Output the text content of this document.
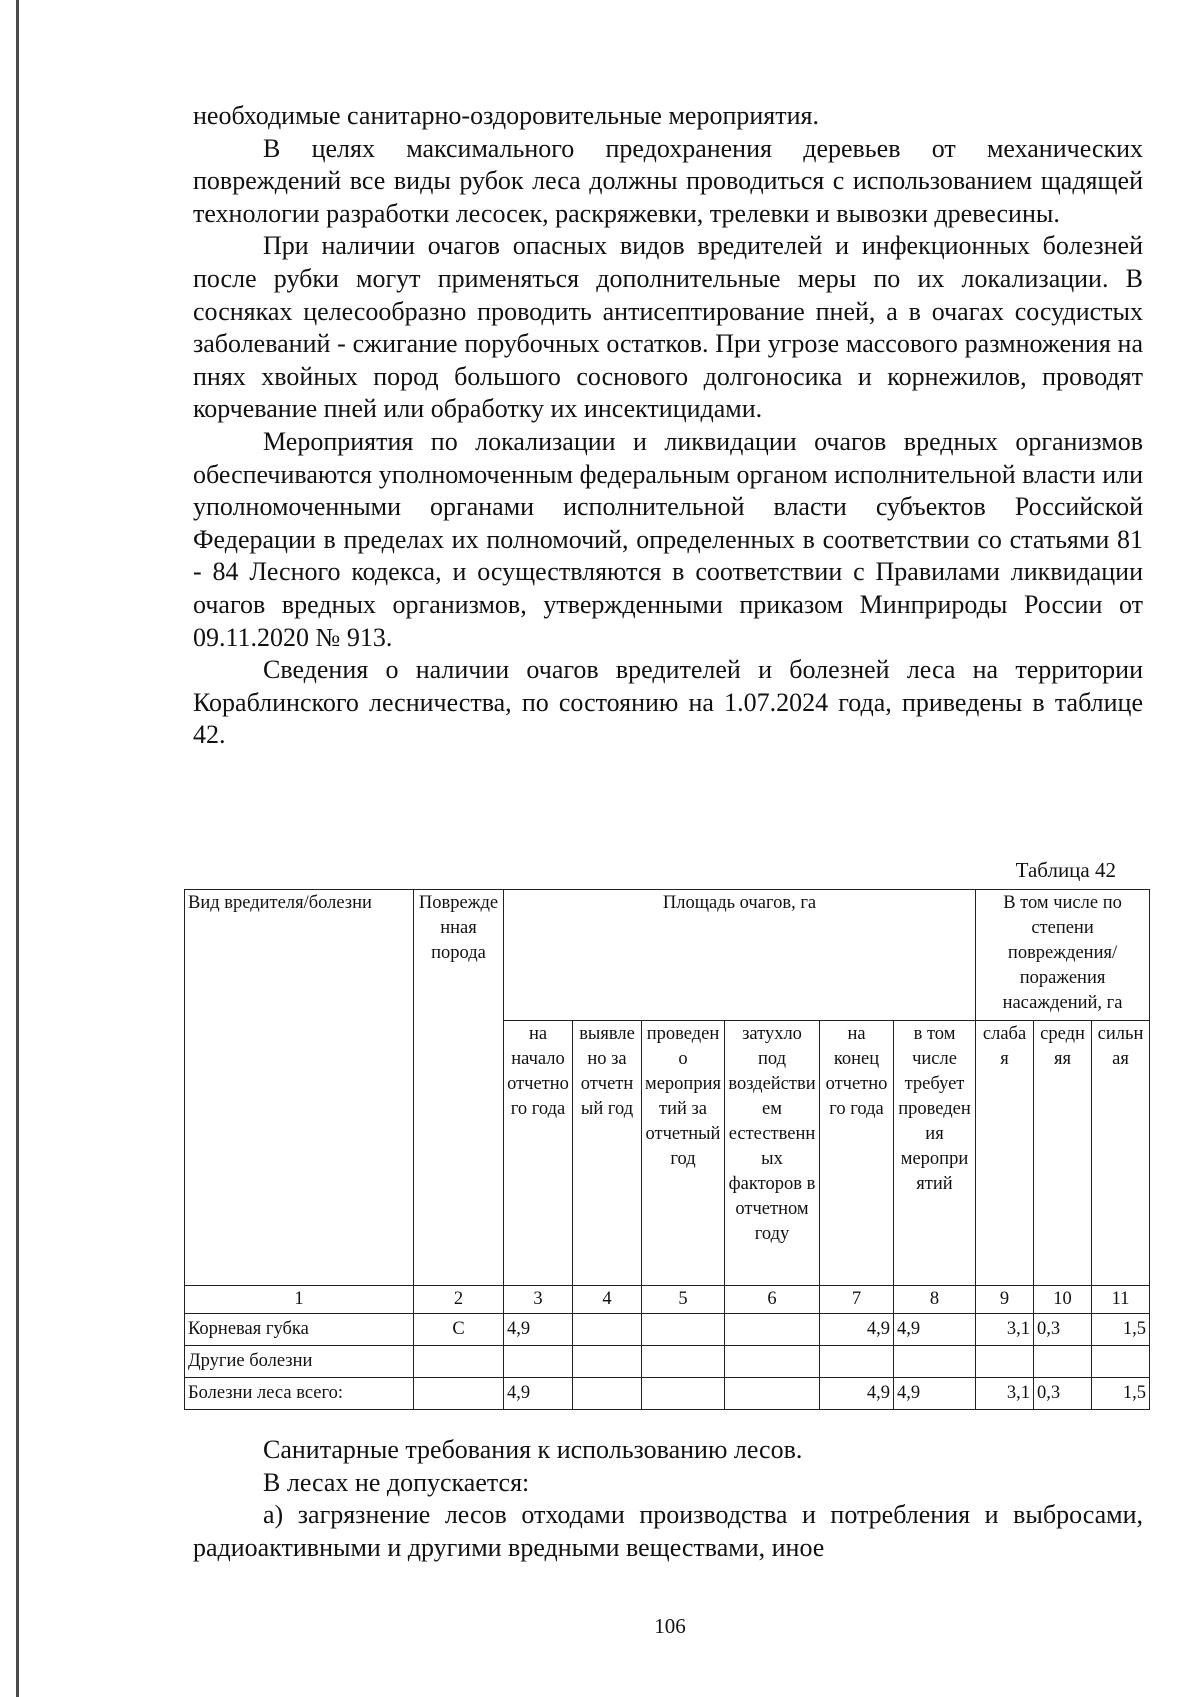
необходимые санитарно-оздоровительные мероприятия.

В целях максимального предохранения деревьев от механических повреждений все виды рубок леса должны проводиться с использованием щадящей технологии разработки лесосек, раскряжевки, трелевки и вывозки древесины.

При наличии очагов опасных видов вредителей и инфекционных болезней после рубки могут применяться дополнительные меры по их локализации. В сосняках целесообразно проводить антисептирование пней, а в очагах сосудистых заболеваний - сжигание порубочных остатков. При угрозе массового размножения на пнях хвойных пород большого соснового долгоносика и корнежилов, проводят корчевание пней или обработку их инсектицидами.

Мероприятия по локализации и ликвидации очагов вредных организмов обеспечиваются уполномоченным федеральным органом исполнительной власти или уполномоченными органами исполнительной власти субъектов Российской Федерации в пределах их полномочий, определенных в соответствии со статьями 81 - 84 Лесного кодекса, и осуществляются в соответствии с Правилами ликвидации очагов вредных организмов, утвержденными приказом Минприроды России от 09.11.2020 № 913.

Сведения о наличии очагов вредителей и болезней леса на территории Кораблинского лесничества, по состоянию на 1.07.2024 года, приведены в таблице 42.

Таблица 42
Вид вредителя/болезни	Поврежденная порода	Площадь очагов, га						В том числе по степени повреждения/поражения насаждений, га		
		на начало отчетного года	выявлено за отчетный год	проведено мероприятий за отчетный год	затухло под воздействием естественных факторов в отчетном году	на конец отчетного года	в том числе требует проведения мероприятий	слабая	средняя	сильная
1	2	3	4	5	6	7	8	9	10	11
Корневая губка	С	4,9				4,9	4,9	3,1	0,3	1,5
Другие болезни										
Болезни леса всего:		4,9				4,9	4,9	3,1	0,3	1,5

Санитарные требования к использованию лесов.

В лесах не допускается:

а) загрязнение лесов отходами производства и потребления и выбросами, радиоактивными и другими вредными веществами, иное

106
